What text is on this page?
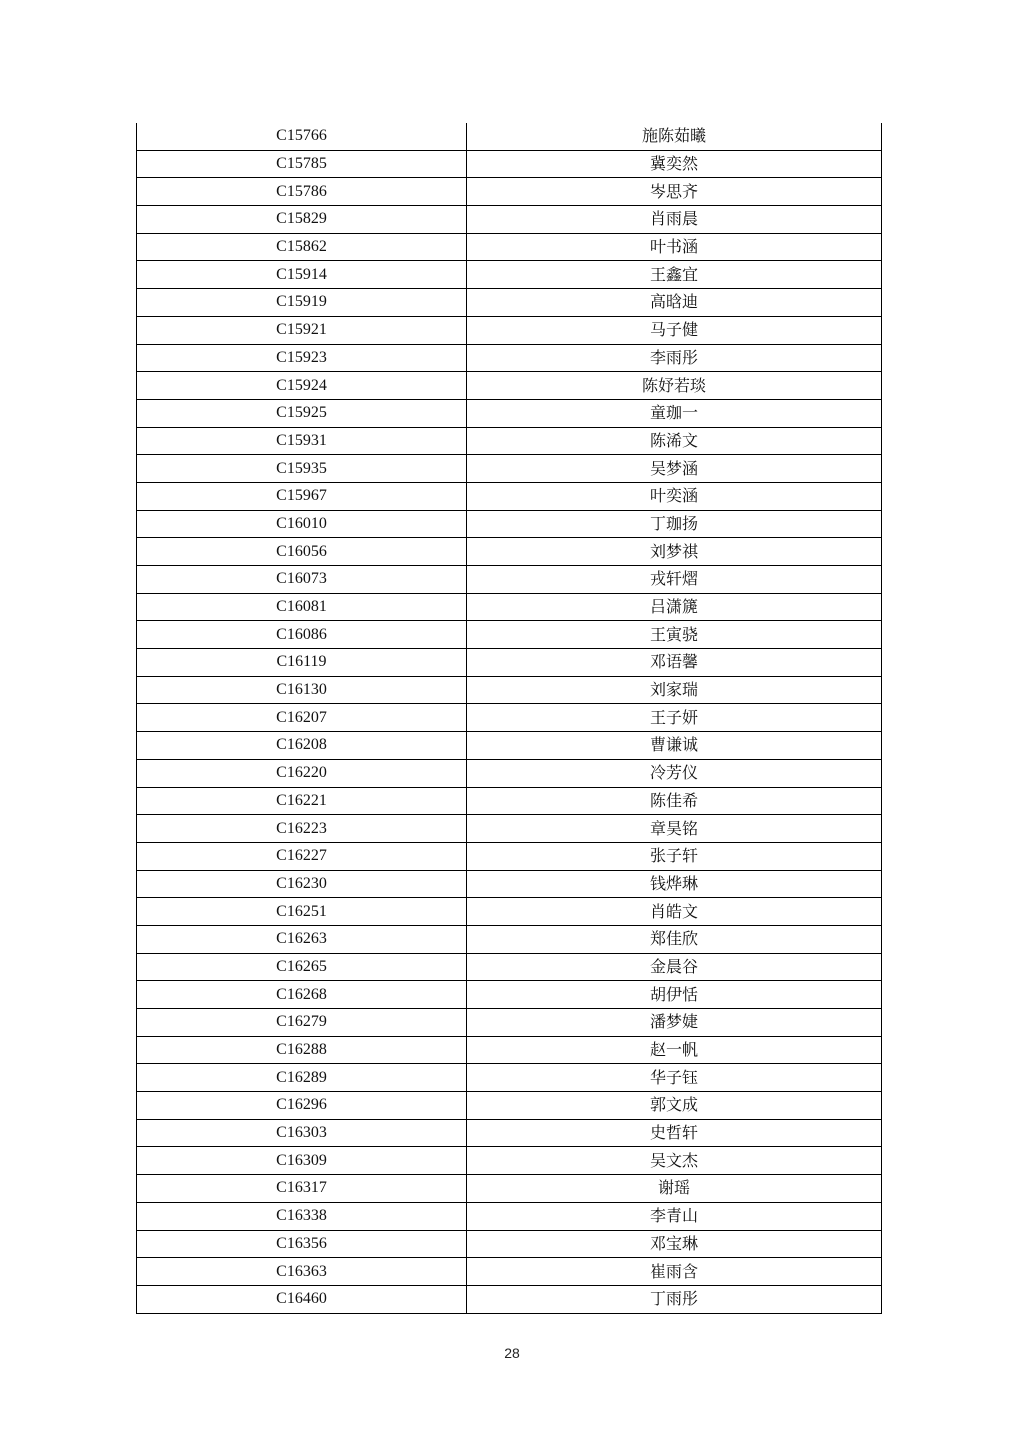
C15766	施陈茹曦
C15785	冀奕然
C15786	岑思齐
C15829	肖雨晨
C15862	叶书涵
C15914	王鑫宜
C15919	高晗迪
C15921	马子健
C15923	李雨彤
C15924	陈妤若琰
C15925	童珈一
C15931	陈浠文
C15935	吴梦涵
C15967	叶奕涵
C16010	丁珈扬
C16056	刘梦祺
C16073	戎轩熠
C16081	吕潇篪
C16086	王寅骁
C16119	邓语馨
C16130	刘家瑞
C16207	王子妍
C16208	曹谦诚
C16220	冷芳仪
C16221	陈佳希
C16223	章昊铭
C16227	张子轩
C16230	钱烨琳
C16251	肖皓文
C16263	郑佳欣
C16265	金晨谷
C16268	胡伊恬
C16279	潘梦婕
C16288	赵一帆
C16289	华子钰
C16296	郭文成
C16303	史哲轩
C16309	吴文杰
C16317	谢瑶
C16338	李青山
C16356	邓宝琳
C16363	崔雨含
C16460	丁雨彤
28
